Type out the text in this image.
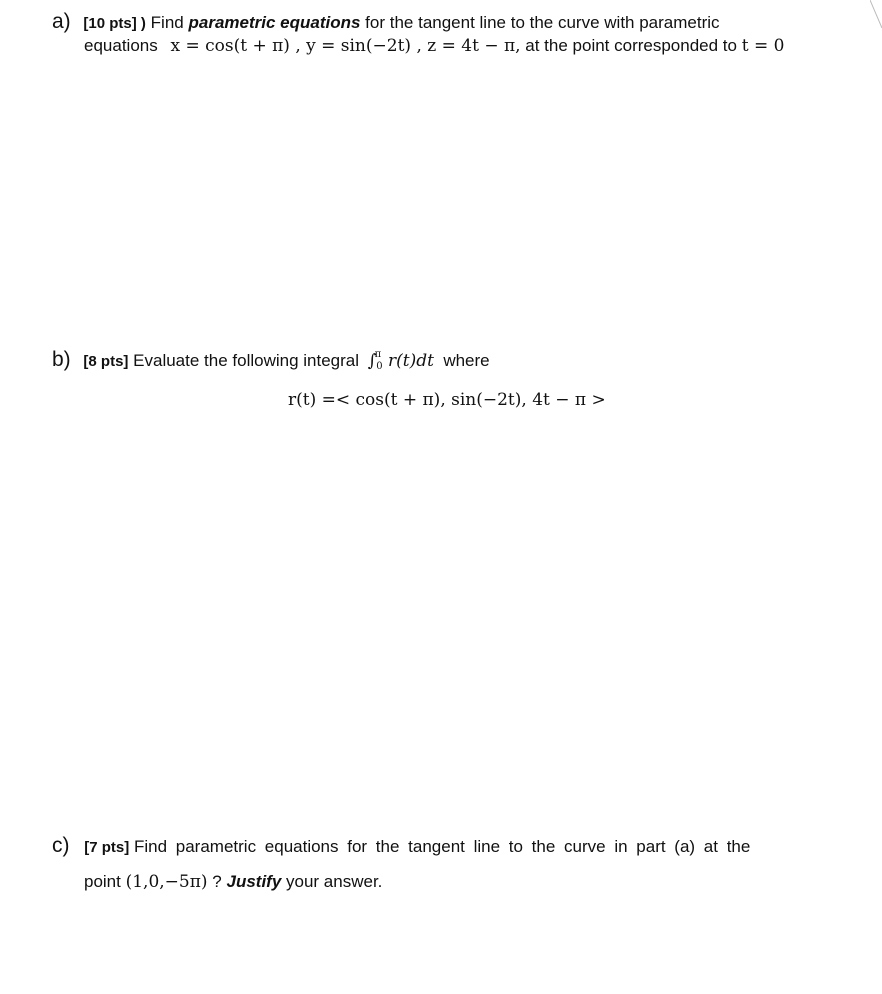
a) [10 pts] ) Find parametric equations for the tangent line to the curve with parametric
equations x = cos(t + π) , y = sin(−2t) , z = 4t − π, at the point corresponded to t = 0
b) [8 pts] Evaluate the following integral ∫$^\pi_0$ r(t)dt where
r(t) =< cos(t + π), sin(−2t), 4t − π >
c) [7 pts] Find parametric equations for the tangent line to the curve in part (a) at the
point (1,0,−5π) ? Justify your answer.
